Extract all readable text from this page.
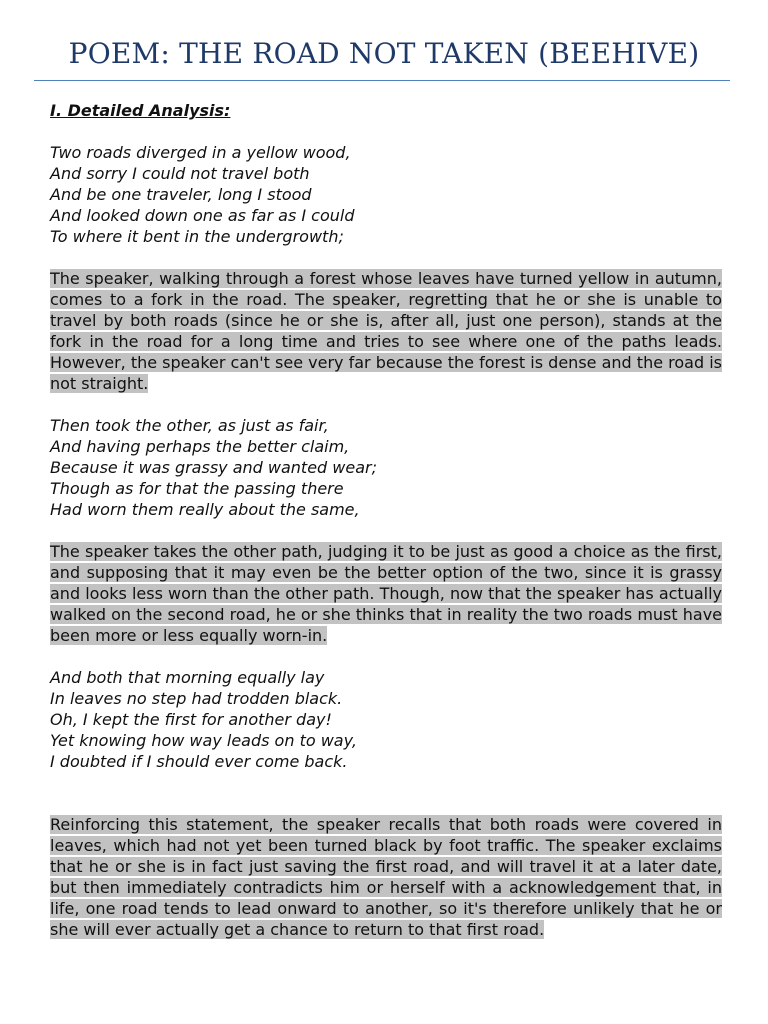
POEM: THE ROAD NOT TAKEN (BEEHIVE)

I. Detailed Analysis:

Two roads diverged in a yellow wood,
And sorry I could not travel both
And be one traveler, long I stood
And looked down one as far as I could
To where it bent in the undergrowth;

The speaker, walking through a forest whose leaves have turned yellow in autumn, comes to a fork in the road. The speaker, regretting that he or she is unable to travel by both roads (since he or she is, after all, just one person), stands at the fork in the road for a long time and tries to see where one of the paths leads. However, the speaker can't see very far because the forest is dense and the road is not straight.

Then took the other, as just as fair,
And having perhaps the better claim,
Because it was grassy and wanted wear;
Though as for that the passing there
Had worn them really about the same,

The speaker takes the other path, judging it to be just as good a choice as the first, and supposing that it may even be the better option of the two, since it is grassy and looks less worn than the other path. Though, now that the speaker has actually walked on the second road, he or she thinks that in reality the two roads must have been more or less equally worn-in.

And both that morning equally lay
In leaves no step had trodden black.
Oh, I kept the first for another day!
Yet knowing how way leads on to way,
I doubted if I should ever come back.

Reinforcing this statement, the speaker recalls that both roads were covered in leaves, which had not yet been turned black by foot traffic. The speaker exclaims that he or she is in fact just saving the first road, and will travel it at a later date, but then immediately contradicts him or herself with a acknowledgement that, in life, one road tends to lead onward to another, so it's therefore unlikely that he or she will ever actually get a chance to return to that first road.
